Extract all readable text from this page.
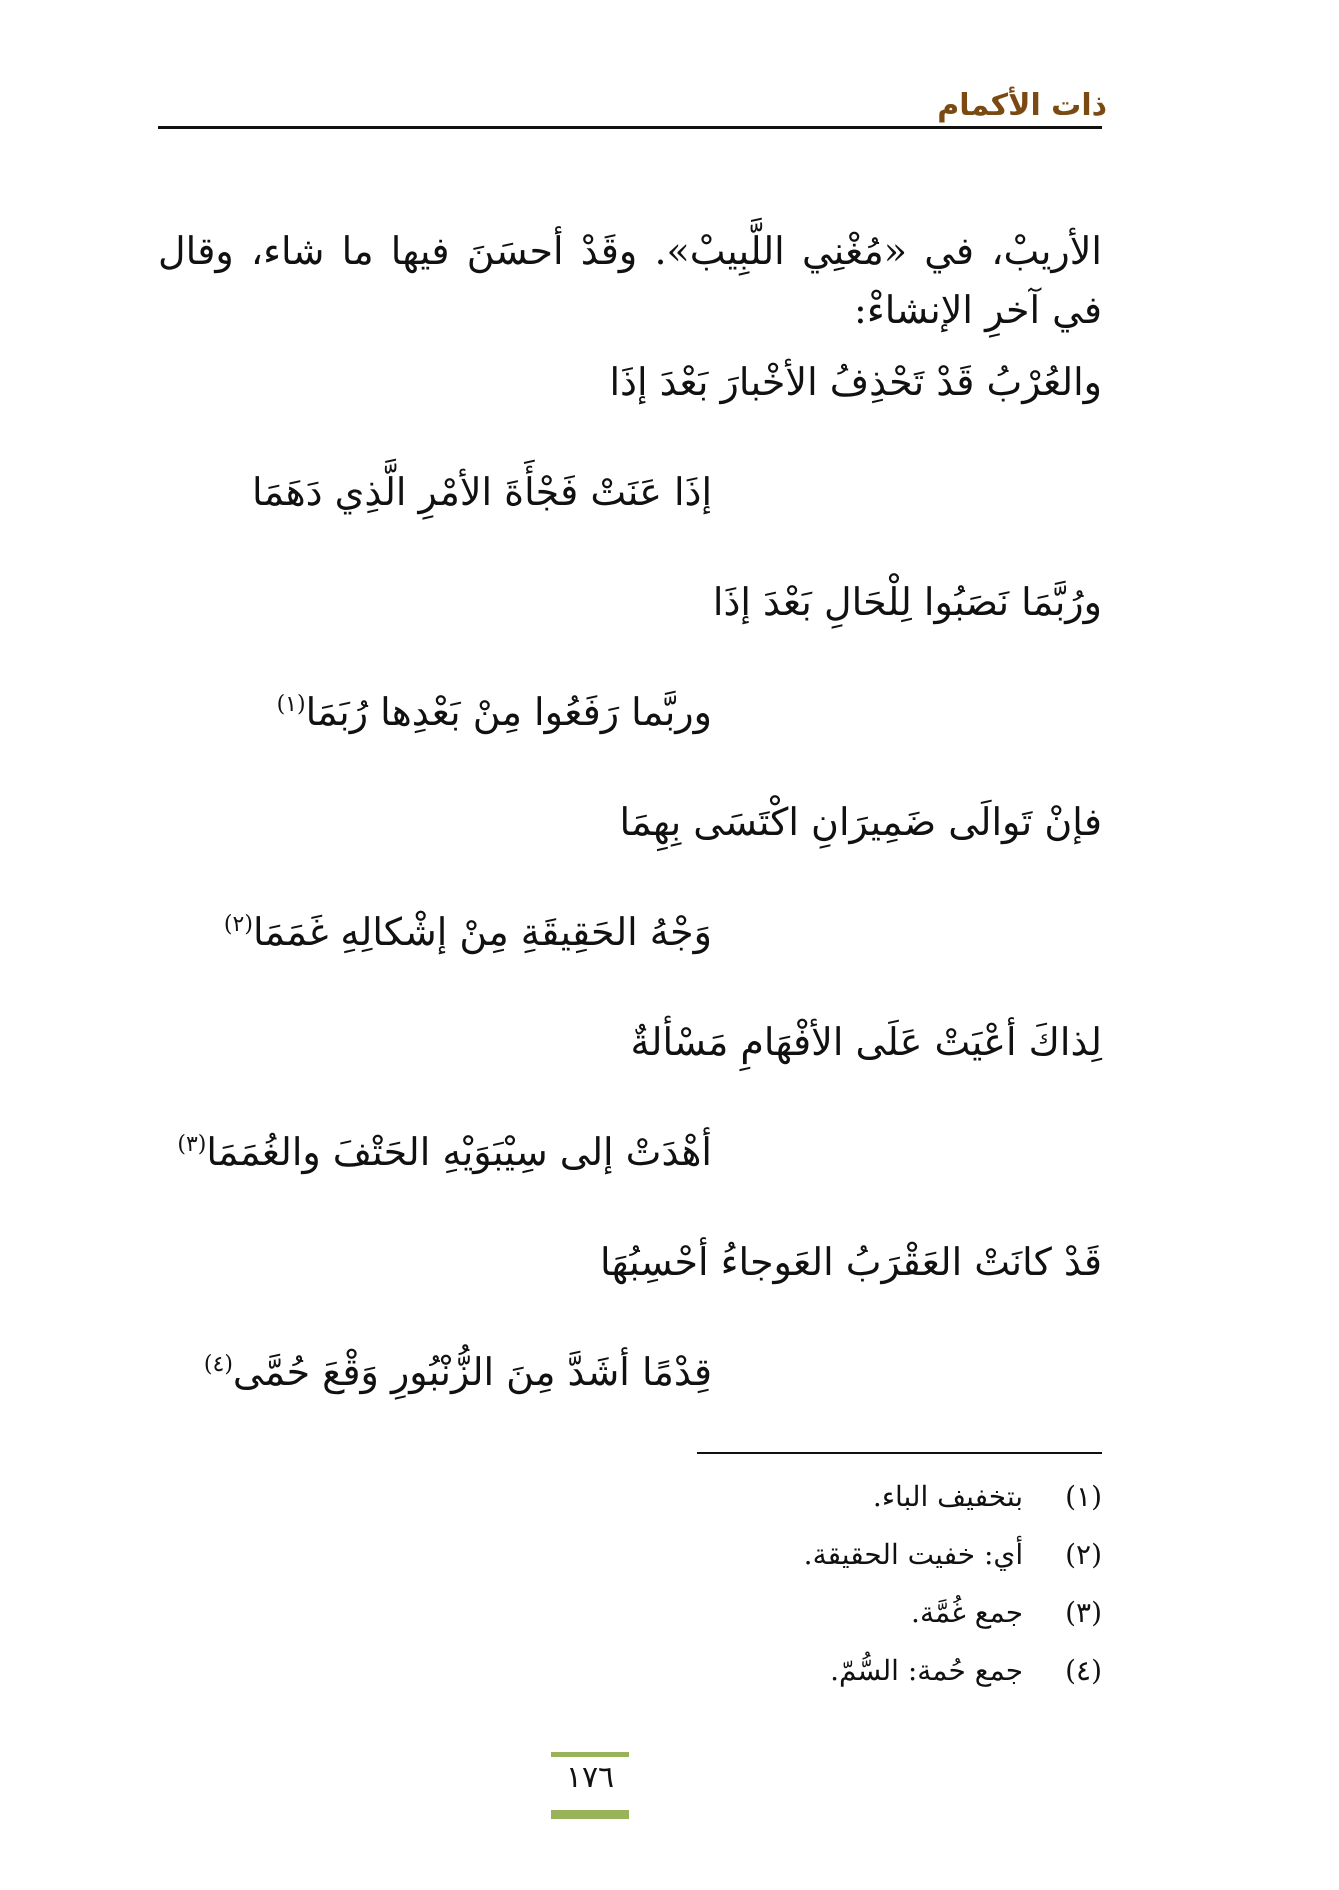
ذات الأكمام
الأريبْ، في «مُغْنِي اللَّبِيبْ». وقَدْ أحسَنَ فيها ما شاء، وقال في آخرِ الإنشاءْ:
والعُرْبُ قَدْ تَحْذِفُ الأخْبارَ بَعْدَ إذَا
إذَا عَنَتْ فَجْأَةَ الأمْرِ الَّذِي دَهَمَا
ورُبَّمَا نَصَبُوا لِلْحَالِ بَعْدَ إذَا
وربَّما رَفَعُوا مِنْ بَعْدِها رُبَمَا$^{(١)}$
فإنْ تَوالَى ضَمِيرَانِ اكْتَسَى بِهِمَا
وَجْهُ الحَقِيقَةِ مِنْ إشْكالِهِ غَمَمَا$^{(٢)}$
لِذاكَ أعْيَتْ عَلَى الأفْهَامِ مَسْألةٌ
أهْدَتْ إلى سِيْبَوَيْهِ الحَتْفَ والغُمَمَا$^{(٣)}$
قَدْ كانَتْ العَقْرَبُ العَوجاءُ أحْسِبُهَا
قِدْمًا أشَدَّ مِنَ الزُّنْبُورِ وَقْعَ حُمَّى$^{(٤)}$
(١) بتخفيف الباء.
(٢) أي: خفيت الحقيقة.
(٣) جمع غُمَّة.
(٤) جمع حُمة: السُّمّ.
١٧٦
